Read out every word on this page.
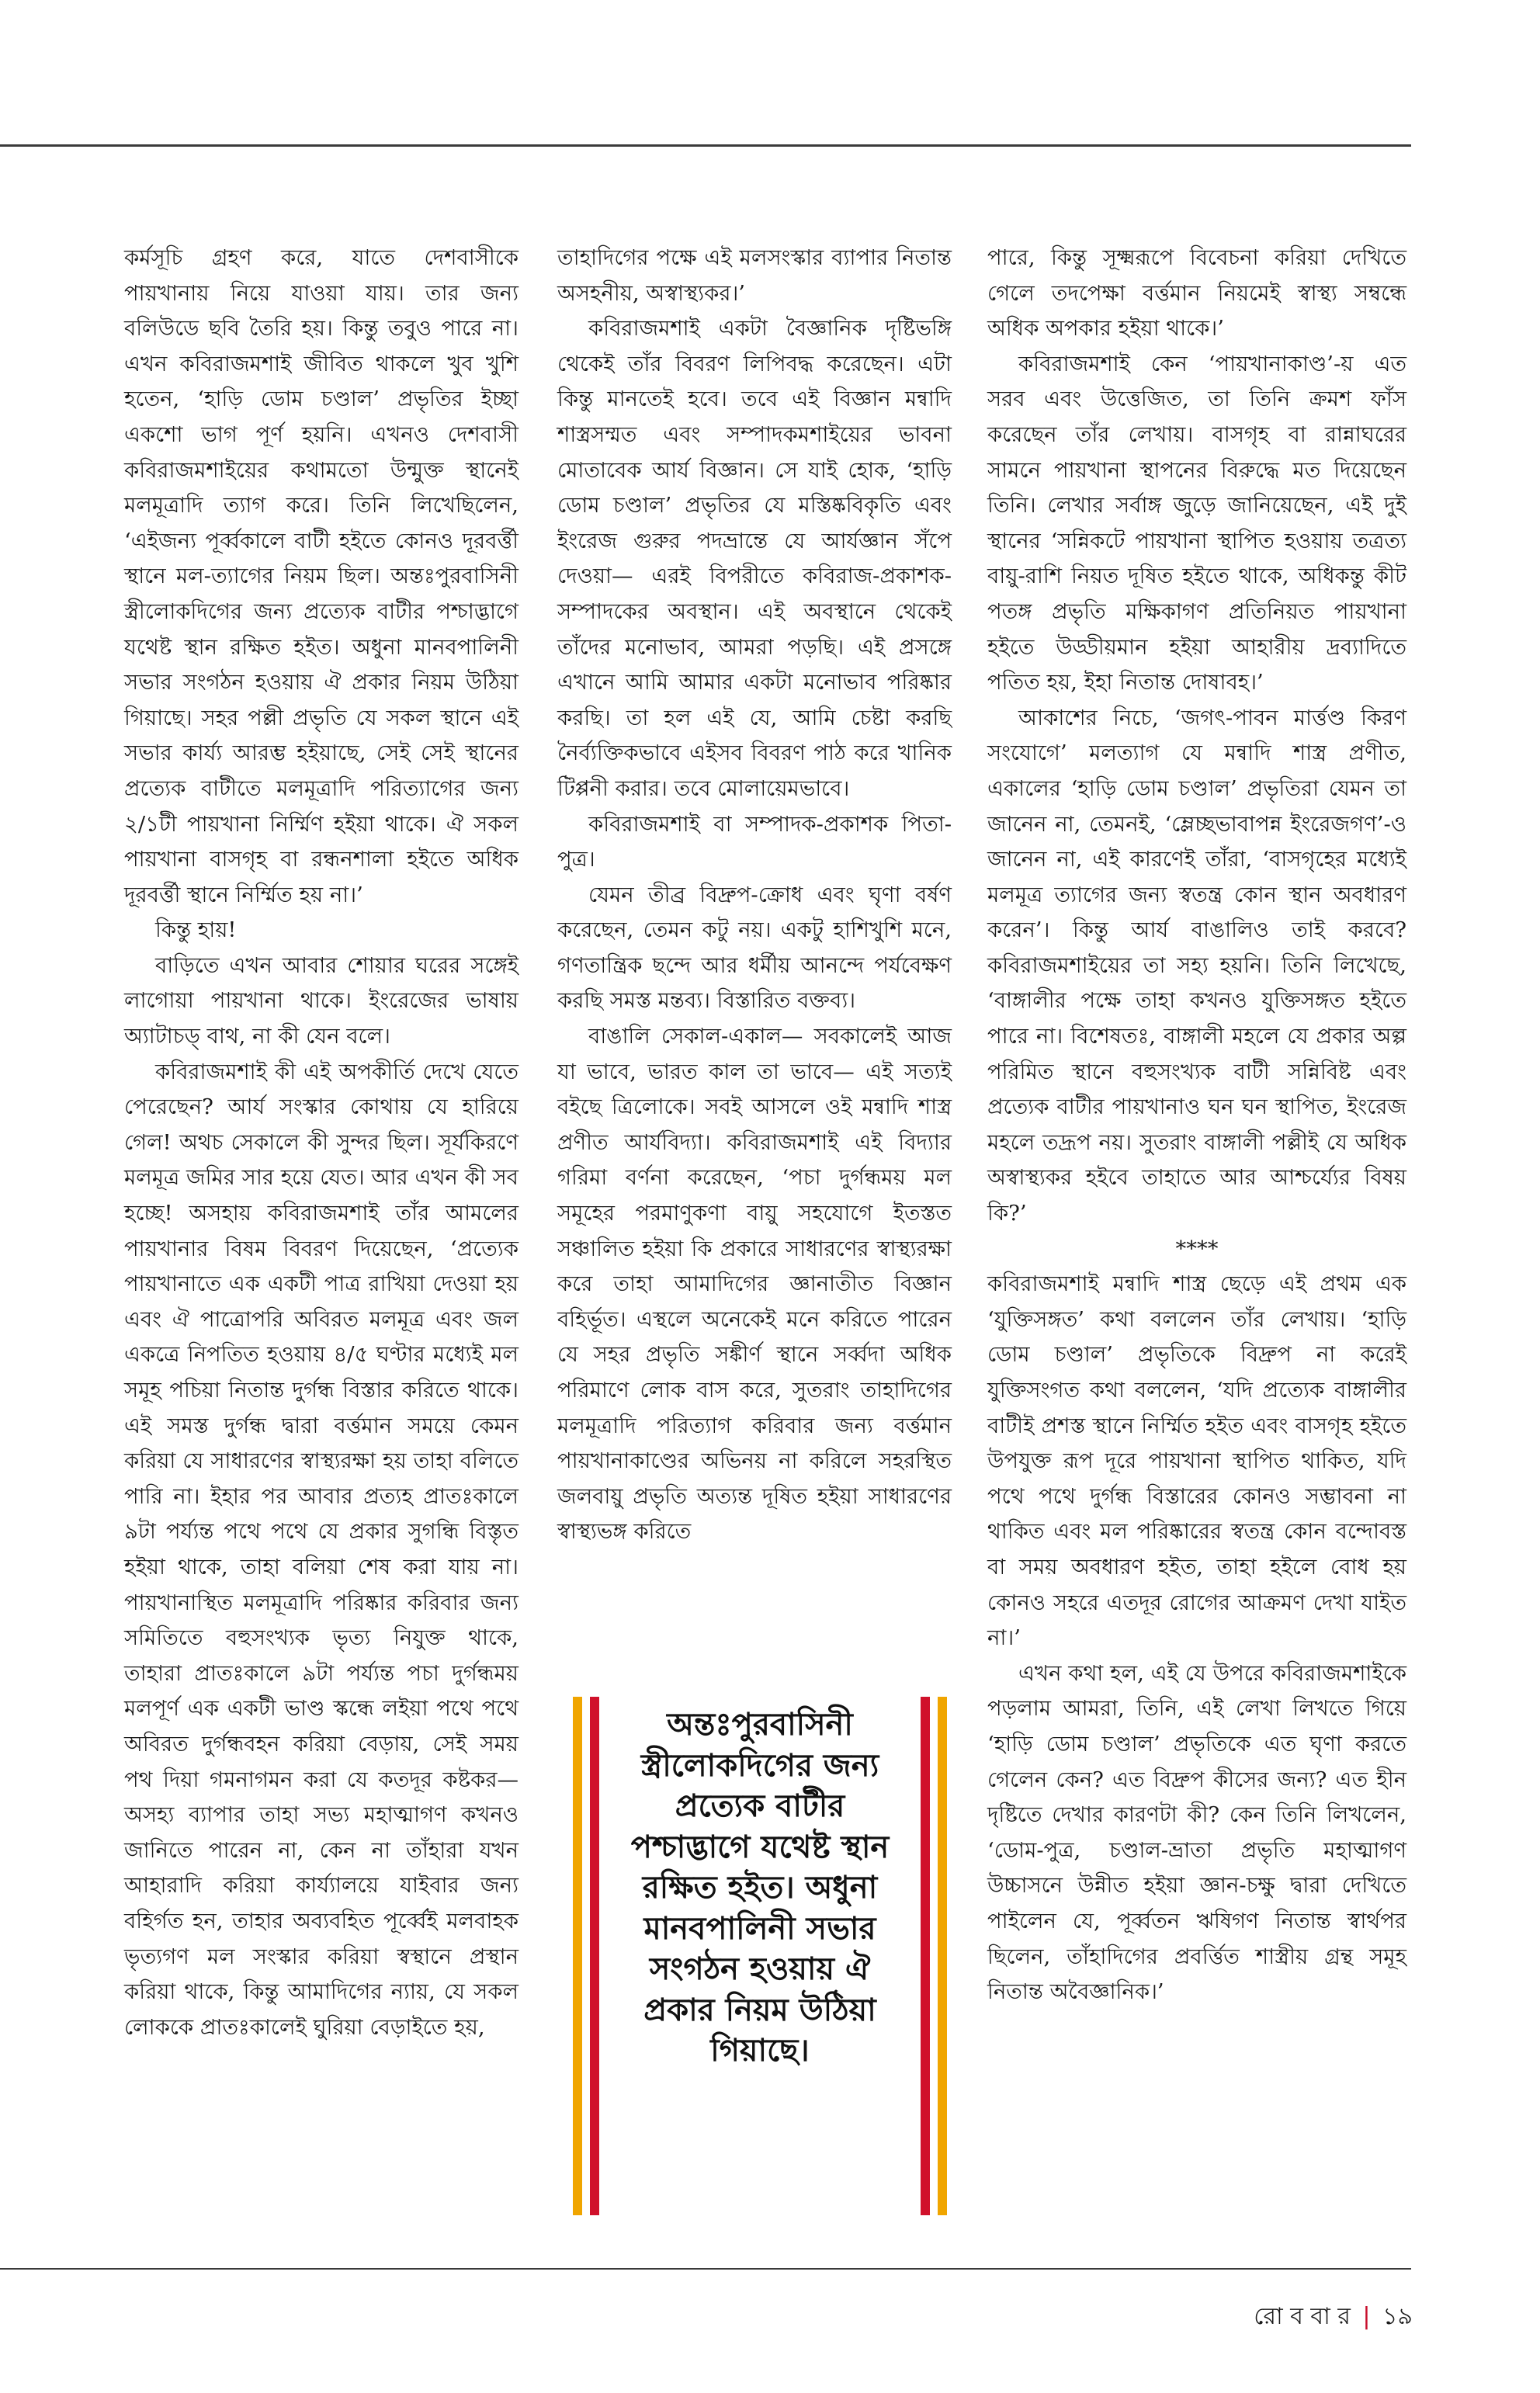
কর্মসূচি গ্রহণ করে, যাতে দেশবাসীকে পায়খানায় নিয়ে যাওয়া যায়। তার জন্য বলিউডে ছবি তৈরি হয়। কিন্তু তবুও পারে না। এখন কবিরাজমশাই জীবিত থাকলে খুব খুশি হতেন, ‘হাড়ি ডোম চণ্ডাল’ প্রভৃতির ইচ্ছা একশো ভাগ পূর্ণ হয়নি। এখনও দেশবাসী কবিরাজমশাইয়ের কথামতো উন্মুক্ত স্থানেই মলমূত্রাদি ত্যাগ করে। তিনি লিখেছিলেন, ‘এইজন্য পূর্ব্বকালে বাটী হইতে কোনও দূরবর্ত্তী স্থানে মল-ত্যাগের নিয়ম ছিল। অন্তঃপুরবাসিনী স্ত্রীলোকদিগের জন্য প্রত্যেক বাটীর পশ্চাদ্ভাগে যথেষ্ট স্থান রক্ষিত হইত। অধুনা মানবপালিনী সভার সংগঠন হওয়ায় ঐ প্রকার নিয়ম উঠিয়া গিয়াছে। সহর পল্লী প্রভৃতি যে সকল স্থানে এই সভার কার্য্য আরম্ভ হইয়াছে, সেই সেই স্থানের প্রত্যেক বাটীতে মলমূত্রাদি পরিত্যাগের জন্য ২/১টী পায়খানা নির্ম্মিণ হইয়া থাকে। ঐ সকল পায়খানা বাসগৃহ বা রন্ধনশালা হইতে অধিক দূরবর্ত্তী স্থানে নির্ম্মিত হয় না।’

কিন্তু হায়!

বাড়িতে এখন আবার শোয়ার ঘরের সঙ্গেই লাগোয়া পায়খানা থাকে। ইংরেজের ভাষায় অ্যাটাচড্ বাথ, না কী যেন বলে।

কবিরাজমশাই কী এই অপকীর্তি দেখে যেতে পেরেছেন? আর্য সংস্কার কোথায় যে হারিয়ে গেল! অথচ সেকালে কী সুন্দর ছিল। সূর্যকিরণে মলমূত্র জমির সার হয়ে যেত। আর এখন কী সব হচ্ছে! অসহায় কবিরাজমশাই তাঁর আমলের পায়খানার বিষম বিবরণ দিয়েছেন, ‘প্রত্যেক পায়খানাতে এক একটী পাত্র রাখিয়া দেওয়া হয় এবং ঐ পাত্রোপরি অবিরত মলমূত্র এবং জল একত্রে নিপতিত হওয়ায় ৪/৫ ঘণ্টার মধ্যেই মল সমূহ পচিয়া নিতান্ত দুর্গন্ধ বিস্তার করিতে থাকে। এই সমস্ত দুর্গন্ধ দ্বারা বর্ত্তমান সময়ে কেমন করিয়া যে সাধারণের স্বাস্থ্যরক্ষা হয় তাহা বলিতে পারি না। ইহার পর আবার প্রত্যহ প্রাতঃকালে ৯টা পর্য্যন্ত পথে পথে যে প্রকার সুগন্ধি বিস্তৃত হইয়া থাকে, তাহা বলিয়া শেষ করা যায় না। পায়খানাস্থিত মলমূত্রাদি পরিষ্কার করিবার জন্য সমিতিতে বহুসংখ্যক ভৃত্য নিযুক্ত থাকে, তাহারা প্রাতঃকালে ৯টা পর্য্যন্ত পচা দুর্গন্ধময় মলপূর্ণ এক একটী ভাণ্ড স্কন্ধে লইয়া পথে পথে অবিরত দুর্গন্ধবহন করিয়া বেড়ায়, সেই সময় পথ দিয়া গমনাগমন করা যে কতদূর কষ্টকর—অসহ্য ব্যাপার তাহা সভ্য মহাত্মাগণ কখনও জানিতে পারেন না, কেন না তাঁহারা যখন আহারাদি করিয়া কার্য্যালয়ে যাইবার জন্য বহির্গত হন, তাহার অব্যবহিত পূর্ব্বেই মলবাহক ভৃত্যগণ মল সংস্কার করিয়া স্বস্থানে প্রস্থান করিয়া থাকে, কিন্তু আমাদিগের ন্যায়, যে সকল লোককে প্রাতঃকালেই ঘুরিয়া বেড়াইতে হয়,

তাহাদিগের পক্ষে এই মলসংস্কার ব্যাপার নিতান্ত অসহনীয়, অস্বাস্থ্যকর।’

কবিরাজমশাই একটা বৈজ্ঞানিক দৃষ্টিভঙ্গি থেকেই তাঁর বিবরণ লিপিবদ্ধ করেছেন। এটা কিন্তু মানতেই হবে। তবে এই বিজ্ঞান মন্বাদি শাস্ত্রসম্মত এবং সম্পাদকমশাইয়ের ভাবনা মোতাবেক আর্য বিজ্ঞান। সে যাই হোক, ‘হাড়ি ডোম চণ্ডাল’ প্রভৃতির যে মস্তিষ্কবিকৃতি এবং ইংরেজ গুরুর পদভ্রান্তে যে আর্যজ্ঞান সঁপে দেওয়া— এরই বিপরীতে কবিরাজ-প্রকাশক-সম্পাদকের অবস্থান। এই অবস্থানে থেকেই তাঁদের মনোভাব, আমরা পড়ছি। এই প্রসঙ্গে এখানে আমি আমার একটা মনোভাব পরিষ্কার করছি। তা হল এই যে, আমি চেষ্টা করছি নৈর্ব্যক্তিকভাবে এইসব বিবরণ পাঠ করে খানিক টিপ্পনী করার। তবে মোলায়েমভাবে।

কবিরাজমশাই বা সম্পাদক-প্রকাশক পিতা-পুত্র।

যেমন তীব্র বিদ্রুপ-ক্রোধ এবং ঘৃণা বর্ষণ করেছেন, তেমন কটু নয়। একটু হাশিখুশি মনে, গণতান্ত্রিক ছন্দে আর ধর্মীয় আনন্দে পর্যবেক্ষণ করছি সমস্ত মন্তব্য। বিস্তারিত বক্তব্য।

বাঙালি সেকাল-একাল— সবকালেই আজ যা ভাবে, ভারত কাল তা ভাবে— এই সত্যই বইছে ত্রিলোকে। সবই আসলে ওই মন্বাদি শাস্ত্র প্রণীত আর্যবিদ্যা। কবিরাজমশাই এই বিদ্যার গরিমা বর্ণনা করেছেন, ‘পচা দুর্গন্ধময় মল সমূহের পরমাণুকণা বায়ু সহযোগে ইতস্তত সঞ্চালিত হইয়া কি প্রকারে সাধারণের স্বাস্থ্যরক্ষা করে তাহা আমাদিগের জ্ঞানাতীত বিজ্ঞান বহির্ভূত। এস্থলে অনেকেই মনে করিতে পারেন যে সহর প্রভৃতি সঙ্কীর্ণ স্থানে সর্ব্বদা অধিক পরিমাণে লোক বাস করে, সুতরাং তাহাদিগের মলমূত্রাদি পরিত্যাগ করিবার জন্য বর্ত্তমান পায়খানাকাণ্ডের অভিনয় না করিলে সহরস্থিত জলবায়ু প্রভৃতি অত্যন্ত দূষিত হইয়া সাধারণের স্বাস্থ্যভঙ্গ করিতে

অন্তঃপুরবাসিনী স্ত্রীলোকদিগের জন্য প্রত্যেক বাটীর পশ্চাদ্ভাগে যথেষ্ট স্থান রক্ষিত হইত। অধুনা মানবপালিনী সভার সংগঠন হওয়ায় ঐ প্রকার নিয়ম উঠিয়া গিয়াছে।

পারে, কিন্তু সূক্ষ্মরূপে বিবেচনা করিয়া দেখিতে গেলে তদপেক্ষা বর্ত্তমান নিয়মেই স্বাস্থ্য সম্বন্ধে অধিক অপকার হইয়া থাকে।’

কবিরাজমশাই কেন ‘পায়খানাকাণ্ড’-য় এত সরব এবং উত্তেজিত, তা তিনি ক্রমশ ফাঁস করেছেন তাঁর লেখায়। বাসগৃহ বা রান্নাঘরের সামনে পায়খানা স্থাপনের বিরুদ্ধে মত দিয়েছেন তিনি। লেখার সর্বাঙ্গ জুড়ে জানিয়েছেন, এই দুই স্থানের ‘সন্নিকটে পায়খানা স্থাপিত হওয়ায় তত্রত্য বায়ু-রাশি নিয়ত দূষিত হইতে থাকে, অধিকন্তু কীট পতঙ্গ প্রভৃতি মক্ষিকাগণ প্রতিনিয়ত পায়খানা হইতে উড্ডীয়মান হইয়া আহারীয় দ্রব্যাদিতে পতিত হয়, ইহা নিতান্ত দোষাবহ।’

আকাশের নিচে, ‘জগৎ-পাবন মার্ত্তণ্ড কিরণ সংযোগে’ মলত্যাগ যে মন্বাদি শাস্ত্র প্রণীত, একালের ‘হাড়ি ডোম চণ্ডাল’ প্রভৃতিরা যেমন তা জানেন না, তেমনই, ‘ম্লেচ্ছভাবাপন্ন ইংরেজগণ’-ও জানেন না, এই কারণেই তাঁরা, ‘বাসগৃহের মধ্যেই মলমূত্র ত্যাগের জন্য স্বতন্ত্র কোন স্থান অবধারণ করেন’। কিন্তু আর্য বাঙালিও তাই করবে? কবিরাজমশাইয়ের তা সহ্য হয়নি। তিনি লিখেছে, ‘বাঙ্গালীর পক্ষে তাহা কখনও যুক্তিসঙ্গত হইতে পারে না। বিশেষতঃ, বাঙ্গালী মহলে যে প্রকার অল্প পরিমিত স্থানে বহুসংখ্যক বাটী সন্নিবিষ্ট এবং প্রত্যেক বাটীর পায়খানাও ঘন ঘন স্থাপিত, ইংরেজ মহলে তদ্রূপ নয়। সুতরাং বাঙ্গালী পল্লীই যে অধিক অস্বাস্থ্যকর হইবে তাহাতে আর আশ্চর্য্যের বিষয় কি?’

****

কবিরাজমশাই মন্বাদি শাস্ত্র ছেড়ে এই প্রথম এক ‘যুক্তিসঙ্গত’ কথা বললেন তাঁর লেখায়। ‘হাড়ি ডোম চণ্ডাল’ প্রভৃতিকে বিদ্রুপ না করেই যুক্তিসংগত কথা বললেন, ‘যদি প্রত্যেক বাঙ্গালীর বাটীই প্রশস্ত স্থানে নির্ম্মিত হইত এবং বাসগৃহ হইতে উপযুক্ত রূপ দূরে পায়খানা স্থাপিত থাকিত, যদি পথে পথে দুর্গন্ধ বিস্তারের কোনও সম্ভাবনা না থাকিত এবং মল পরিষ্কারের স্বতন্ত্র কোন বন্দোবস্ত বা সময় অবধারণ হইত, তাহা হইলে বোধ হয় কোনও সহরে এতদূর রোগের আক্রমণ দেখা যাইত না।’

এখন কথা হল, এই যে উপরে কবিরাজমশাইকে পড়লাম আমরা, তিনি, এই লেখা লিখতে গিয়ে ‘হাড়ি ডোম চণ্ডাল’ প্রভৃতিকে এত ঘৃণা করতে গেলেন কেন? এত বিদ্রুপ কীসের জন্য? এত হীন দৃষ্টিতে দেখার কারণটা কী? কেন তিনি লিখলেন, ‘ডোম-পুত্র, চণ্ডাল-ভ্রাতা প্রভৃতি মহাত্মাগণ উচ্চাসনে উন্নীত হইয়া জ্ঞান-চক্ষু দ্বারা দেখিতে পাইলেন যে, পূর্ব্বতন ঋষিগণ নিতান্ত স্বার্থপর ছিলেন, তাঁহাদিগের প্রবর্ত্তিত শাস্ত্রীয় গ্রন্থ সমূহ নিতান্ত অবৈজ্ঞানিক।’

রো ব বা র | ১৯
